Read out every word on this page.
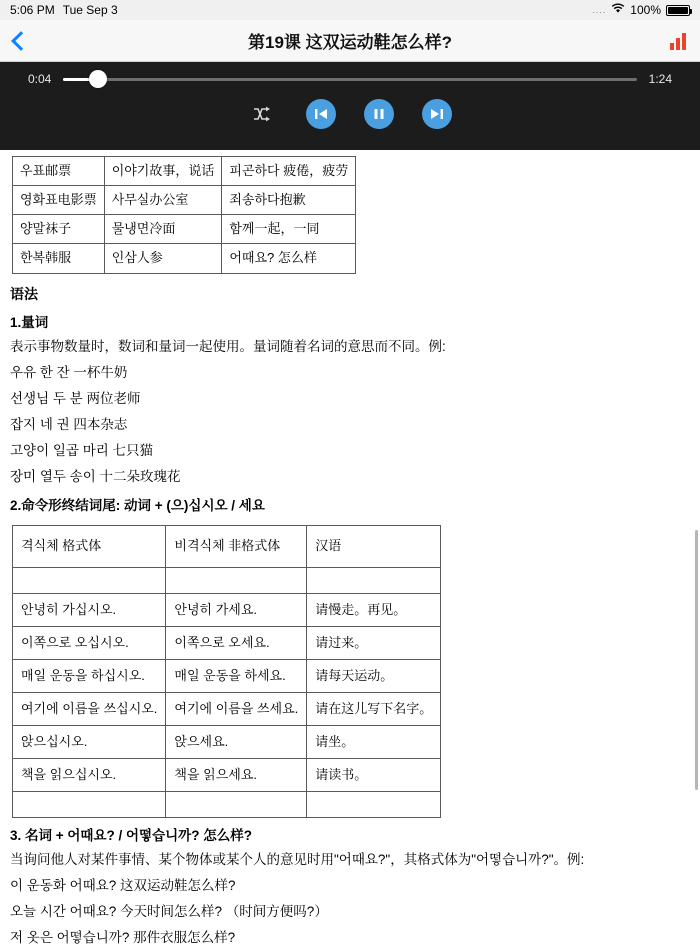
5:06 PM Tue Sep 3	.... 100%
第19课 这双运动鞋怎么样?
0:04	1:24
우표邮票	이야기故事，说话	피곤하다 疲倦，疲劳
영화표电影票	사무실办公室	죄송하다抱歉
양말袜子	물냉면冷面	함께一起，一同
한복韩服	인삼人参	어때요? 怎么样
语法
1.量词
表示事物数量时，数词和量词一起使用。量词随着名词的意思而不同。例:
우유 한 잔 一杯牛奶
선생님 두 분 两位老师
잡지 네 권 四本杂志
고양이 일곱 마리 七只猫
장미 열두 송이 十二朵玫瑰花
2.命令形终结词尾: 动词 + (으)십시오 / 세요
격식체 格式体	비격식체 非格式体	汉语

안녕히 가십시오.	안녕히 가세요.	请慢走。再见。
이쪽으로 오십시오.	이쪽으로 오세요.	请过来。
매일 운동을 하십시오.	매일 운동을 하세요.	请每天运动。
여기에 이름을 쓰십시오.	여기에 이름을 쓰세요.	请在这儿写下名字。
앉으십시오.	앉으세요.	请坐。
책을 읽으십시오.	책을 읽으세요.	请读书。

3. 名词 + 어때요? / 어떻습니까? 怎么样?
当询问他人对某件事情、某个物体或某个人的意见时用"어때요?"，其格式体为"어떻습니까?"。例:
이 운동화 어때요? 这双运动鞋怎么样?
오늘 시간 어때요? 今天时间怎么样? （时间方便吗?）
저 옷은 어떻습니까? 那件衣服怎么样?
